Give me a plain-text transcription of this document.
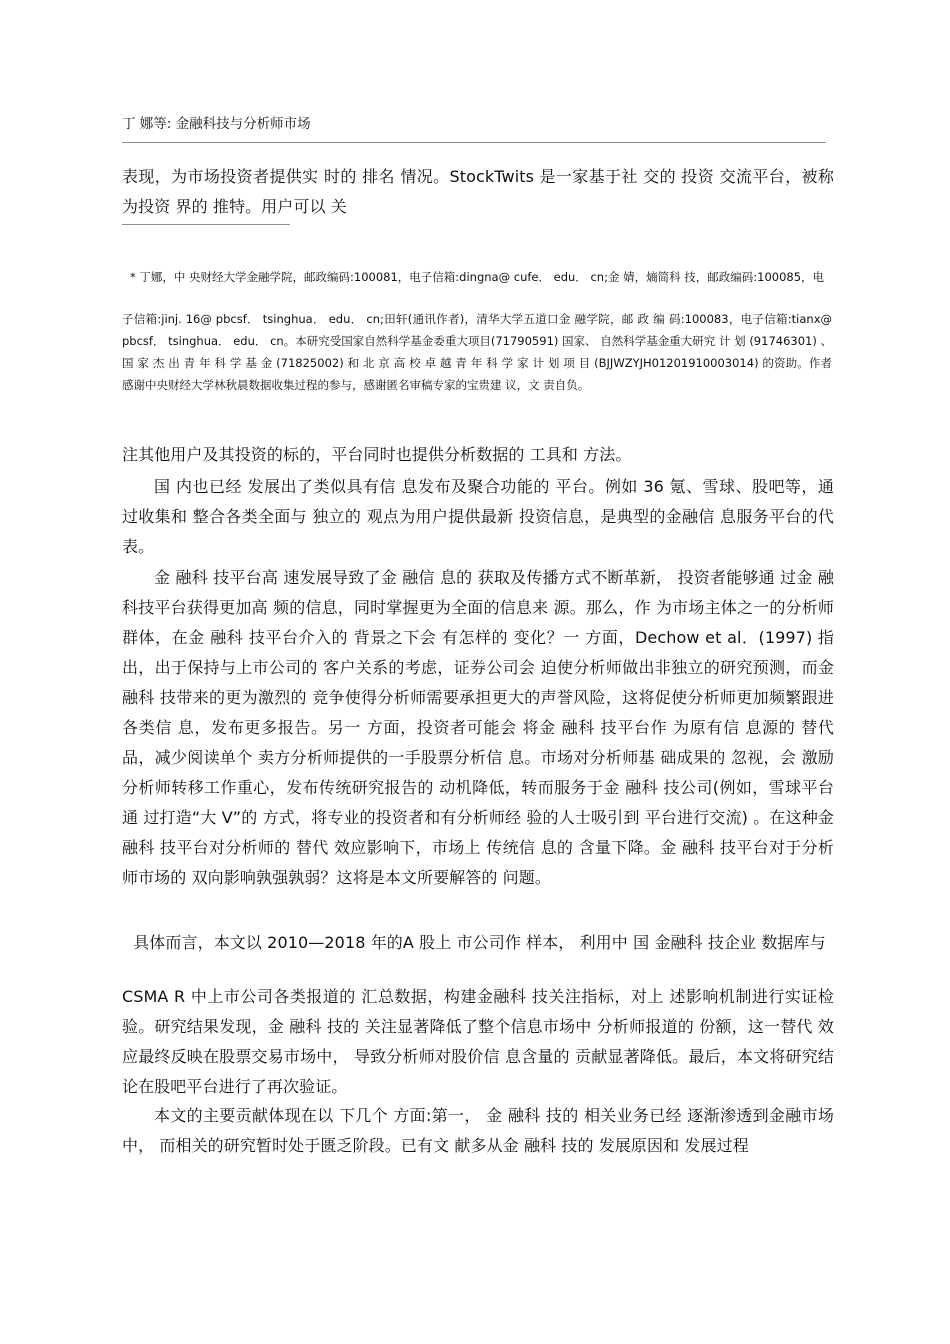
丁 娜等: 金融科技与分析师市场

表现，为市场投资者提供实 时的 排名 情况。StockTwits 是一家基于社 交的 投资 交流平台，被称为投资 界的 推特。用户可以 关

* 丁娜，中 央财经大学金融学院，邮政编码:100081，电子信箱:dingna@ cufe． edu． cn;金 婧，熵简科 技，邮政编码:100085，电

子信箱:jinj. 16@ pbcsf． tsinghua． edu． cn;田轩(通讯作者)，清华大学五道口金 融学院，邮 政 编 码:100083，电子信箱:tianx@ pbcsf． tsinghua． edu． cn。本研究受国家自然科学基金委重大项目(71790591) 国家、 自然科学基金重大研究 计 划 (91746301) 、 国 家 杰 出 青 年 科 学 基 金 (71825002) 和 北 京 高 校 卓 越 青 年 科 学 家 计 划 项 目 (BJJWZYJH01201910003014) 的资助。作者感谢中央财经大学林秋晨数据收集过程的参与，感谢匿名审稿专家的宝贵建 议，文 责自负。

注其他用户及其投资的标的，平台同时也提供分析数据的 工具和 方法。

国 内也已经 发展出了类似具有信 息发布及聚合功能的 平台。例如 36 氪、雪球、股吧等，通 过收集和 整合各类全面与 独立的 观点为用户提供最新 投资信息，是典型的金融信 息服务平台的代表。

金 融科 技平台高 速发展导致了金 融信 息的 获取及传播方式不断革新， 投资者能够通 过金 融科技平台获得更加高 频的信息，同时掌握更为全面的信息来 源。那么，作 为市场主体之一的分析师群体，在金 融科 技平台介入的 背景之下会 有怎样的 变化？一 方面，Dechow et al．(1997) 指出，出于保持与上市公司的 客户关系的考虑，证券公司会 迫使分析师做出非独立的研究预测，而金 融科 技带来的更为激烈的 竞争使得分析师需要承担更大的声誉风险，这将促使分析师更加频繁跟进各类信 息，发布更多报告。另一 方面，投资者可能会 将金 融科 技平台作 为原有信 息源的 替代 品，减少阅读单个 卖方分析师提供的一手股票分析信 息。市场对分析师基 础成果的 忽视，会 激励分析师转移工作重心，发布传统研究报告的 动机降低，转而服务于金 融科 技公司(例如，雪球平台通 过打造“大 V”的 方式，将专业的投资者和有分析师经 验的人士吸引到 平台进行交流) 。在这种金 融科 技平台对分析师的 替代 效应影响下，市场上 传统信 息的 含量下降。金 融科 技平台对于分析师市场的 双向影响孰强孰弱？这将是本文所要解答的 问题。

具体而言，本文以 2010—2018 年的A 股上 市公司作 样本， 利用中 国 金融科 技企业 数据库与

CSMA R 中上市公司各类报道的 汇总数据，构建金融科 技关注指标，对上 述影响机制进行实证检验。研究结果发现，金 融科 技的 关注显著降低了整个信息市场中 分析师报道的 份额，这一替代 效应最终反映在股票交易市场中， 导致分析师对股价信 息含量的 贡献显著降低。最后，本文将研究结论在股吧平台进行了再次验证。

本文的主要贡献体现在以 下几个 方面:第一， 金 融科 技的 相关业务已经 逐渐渗透到金融市场中， 而相关的研究暂时处于匮乏阶段。已有文 献多从金 融科 技的 发展原因和 发展过程
